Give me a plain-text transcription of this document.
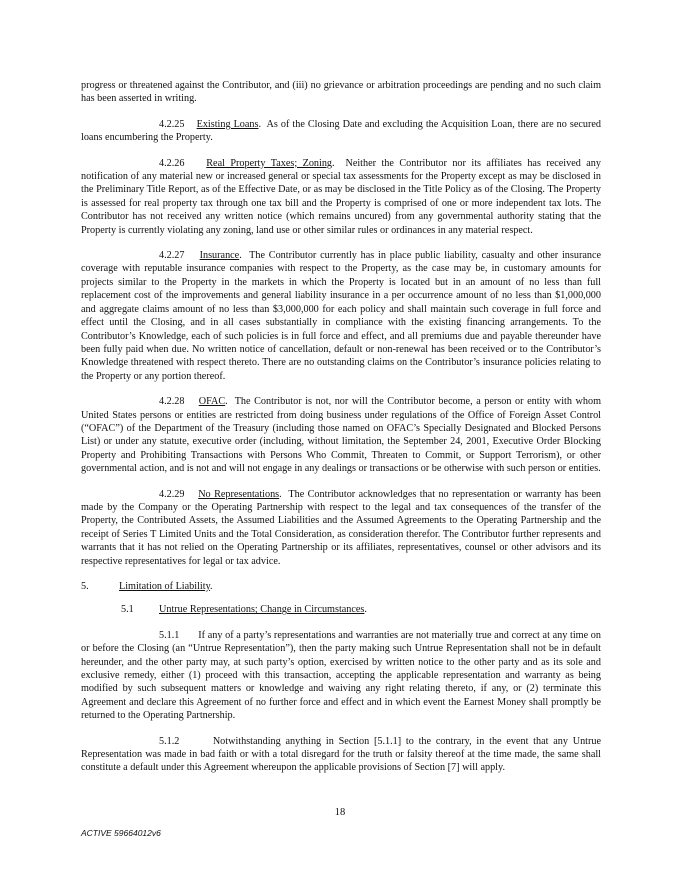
progress or threatened against the Contributor, and (iii) no grievance or arbitration proceedings are pending and no such claim has been asserted in writing.

4.2.25 Existing Loans.  As of the Closing Date and excluding the Acquisition Loan, there are no secured loans encumbering the Property.

4.2.26 Real Property Taxes; Zoning.  Neither the Contributor nor its affiliates has received any notification of any material new or increased general or special tax assessments for the Property except as may be disclosed in the Preliminary Title Report, as of the Effective Date, or as may be disclosed in the Title Policy as of the Closing. The Property is assessed for real property tax through one tax bill and the Property is comprised of one or more independent tax lots. The Contributor has not received any written notice (which remains uncured) from any governmental authority stating that the Property is currently violating any zoning, land use or other similar rules or ordinances in any material respect.

4.2.27 Insurance.  The Contributor currently has in place public liability, casualty and other insurance coverage with reputable insurance companies with respect to the Property, as the case may be, in customary amounts for projects similar to the Property in the markets in which the Property is located but in an amount of no less than full replacement cost of the improvements and general liability insurance in a per occurrence amount of no less than $1,000,000 and aggregate claims amount of no less than $3,000,000 for each policy and shall maintain such coverage in full force and effect until the Closing, and in all cases substantially in compliance with the existing financing arrangements. To the Contributor’s Knowledge, each of such policies is in full force and effect, and all premiums due and payable thereunder have been fully paid when due. No written notice of cancellation, default or non-renewal has been received or to the Contributor’s Knowledge threatened with respect thereto. There are no outstanding claims on the Contributor’s insurance policies relating to the Property or any portion thereof.

4.2.28 OFAC.  The Contributor is not, nor will the Contributor become, a person or entity with whom United States persons or entities are restricted from doing business under regulations of the Office of Foreign Asset Control (“OFAC”) of the Department of the Treasury (including those named on OFAC’s Specially Designated and Blocked Persons List) or under any statute, executive order (including, without limitation, the September 24, 2001, Executive Order Blocking Property and Prohibiting Transactions with Persons Who Commit, Threaten to Commit, or Support Terrorism), or other governmental action, and is not and will not engage in any dealings or transactions or be otherwise with such person or entities.

4.2.29 No Representations.  The Contributor acknowledges that no representation or warranty has been made by the Company or the Operating Partnership with respect to the legal and tax consequences of the transfer of the Property, the Contributed Assets, the Assumed Liabilities and the Assumed Agreements to the Operating Partnership and the receipt of Series T Limited Units and the Total Consideration, as consideration therefor. The Contributor further represents and warrants that it has not relied on the Operating Partnership or its affiliates, representatives, counsel or other advisors and its respective representatives for legal or tax advice.

5.	Limitation of Liability.

5.1 Untrue Representations; Change in Circumstances.

5.1.1 If any of a party’s representations and warranties are not materially true and correct at any time on or before the Closing (an “Untrue Representation”), then the party making such Untrue Representation shall not be in default hereunder, and the other party may, at such party’s option, exercised by written notice to the other party and as its sole and exclusive remedy, either (1) proceed with this transaction, accepting the applicable representation and warranty as being modified by such subsequent matters or knowledge and waiving any right relating thereto, if any, or (2) terminate this Agreement and declare this Agreement of no further force and effect and in which event the Earnest Money shall promptly be returned to the Operating Partnership.

5.1.2	Notwithstanding anything in Section [5.1.1] to the contrary, in the event that any Untrue Representation was made in bad faith or with a total disregard for the truth or falsity thereof at the time made, the same shall constitute a default under this Agreement whereupon the applicable provisions of Section [7] will apply.

18
ACTIVE 59664012v6
